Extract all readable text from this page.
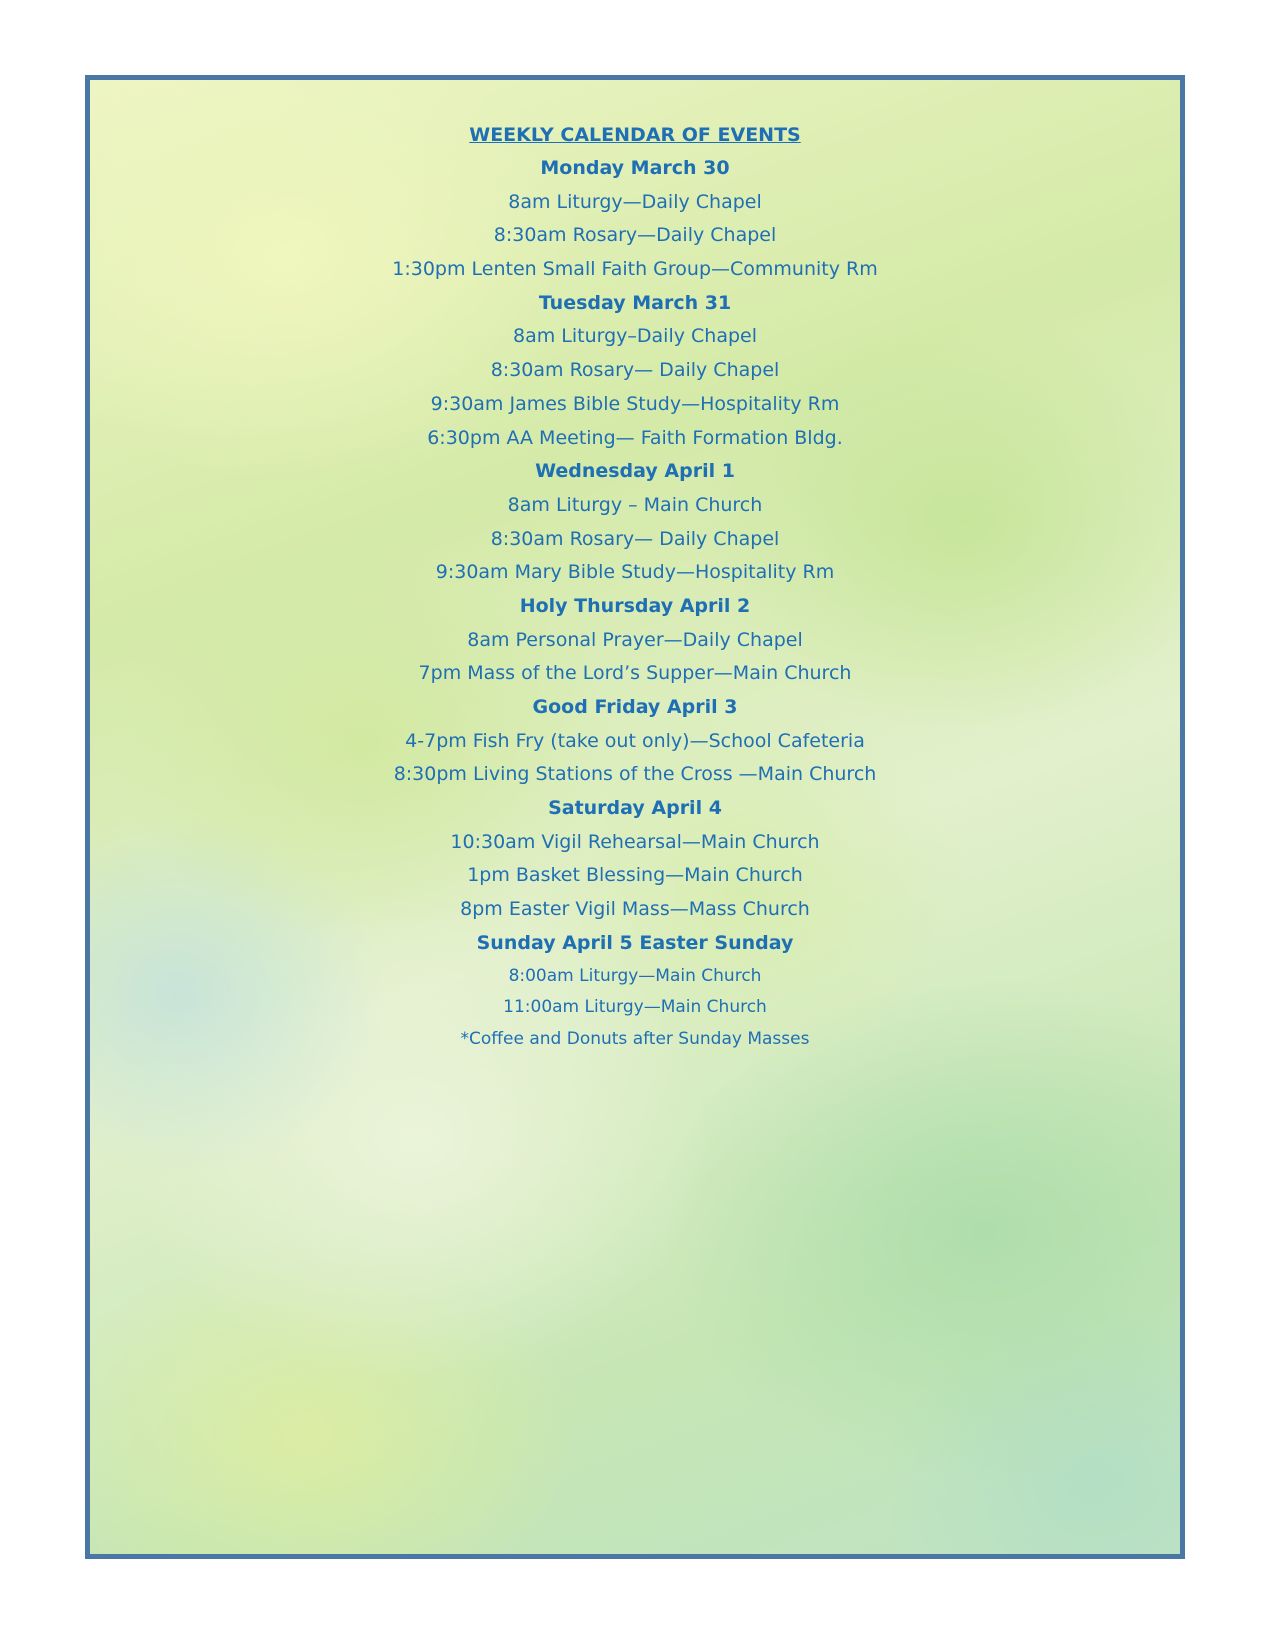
WEEKLY CALENDAR OF EVENTS
Monday March 30
8am Liturgy—Daily Chapel
8:30am Rosary—Daily Chapel
1:30pm Lenten Small Faith Group—Community Rm
Tuesday March 31
8am Liturgy–Daily Chapel
8:30am Rosary— Daily Chapel
9:30am James Bible Study—Hospitality Rm
6:30pm AA Meeting— Faith Formation Bldg.
Wednesday April 1
8am Liturgy – Main Church
8:30am Rosary— Daily Chapel
9:30am Mary Bible Study—Hospitality Rm
Holy Thursday April 2
8am Personal Prayer—Daily Chapel
7pm Mass of the Lord’s Supper—Main Church
Good Friday April 3
4-7pm Fish Fry (take out only)—School Cafeteria
8:30pm Living Stations of the Cross —Main Church
Saturday April 4
10:30am Vigil Rehearsal—Main Church
1pm Basket Blessing—Main Church
8pm Easter Vigil Mass—Mass Church
Sunday April 5 Easter Sunday
8:00am Liturgy—Main Church
11:00am Liturgy—Main Church
*Coffee and Donuts after Sunday Masses
